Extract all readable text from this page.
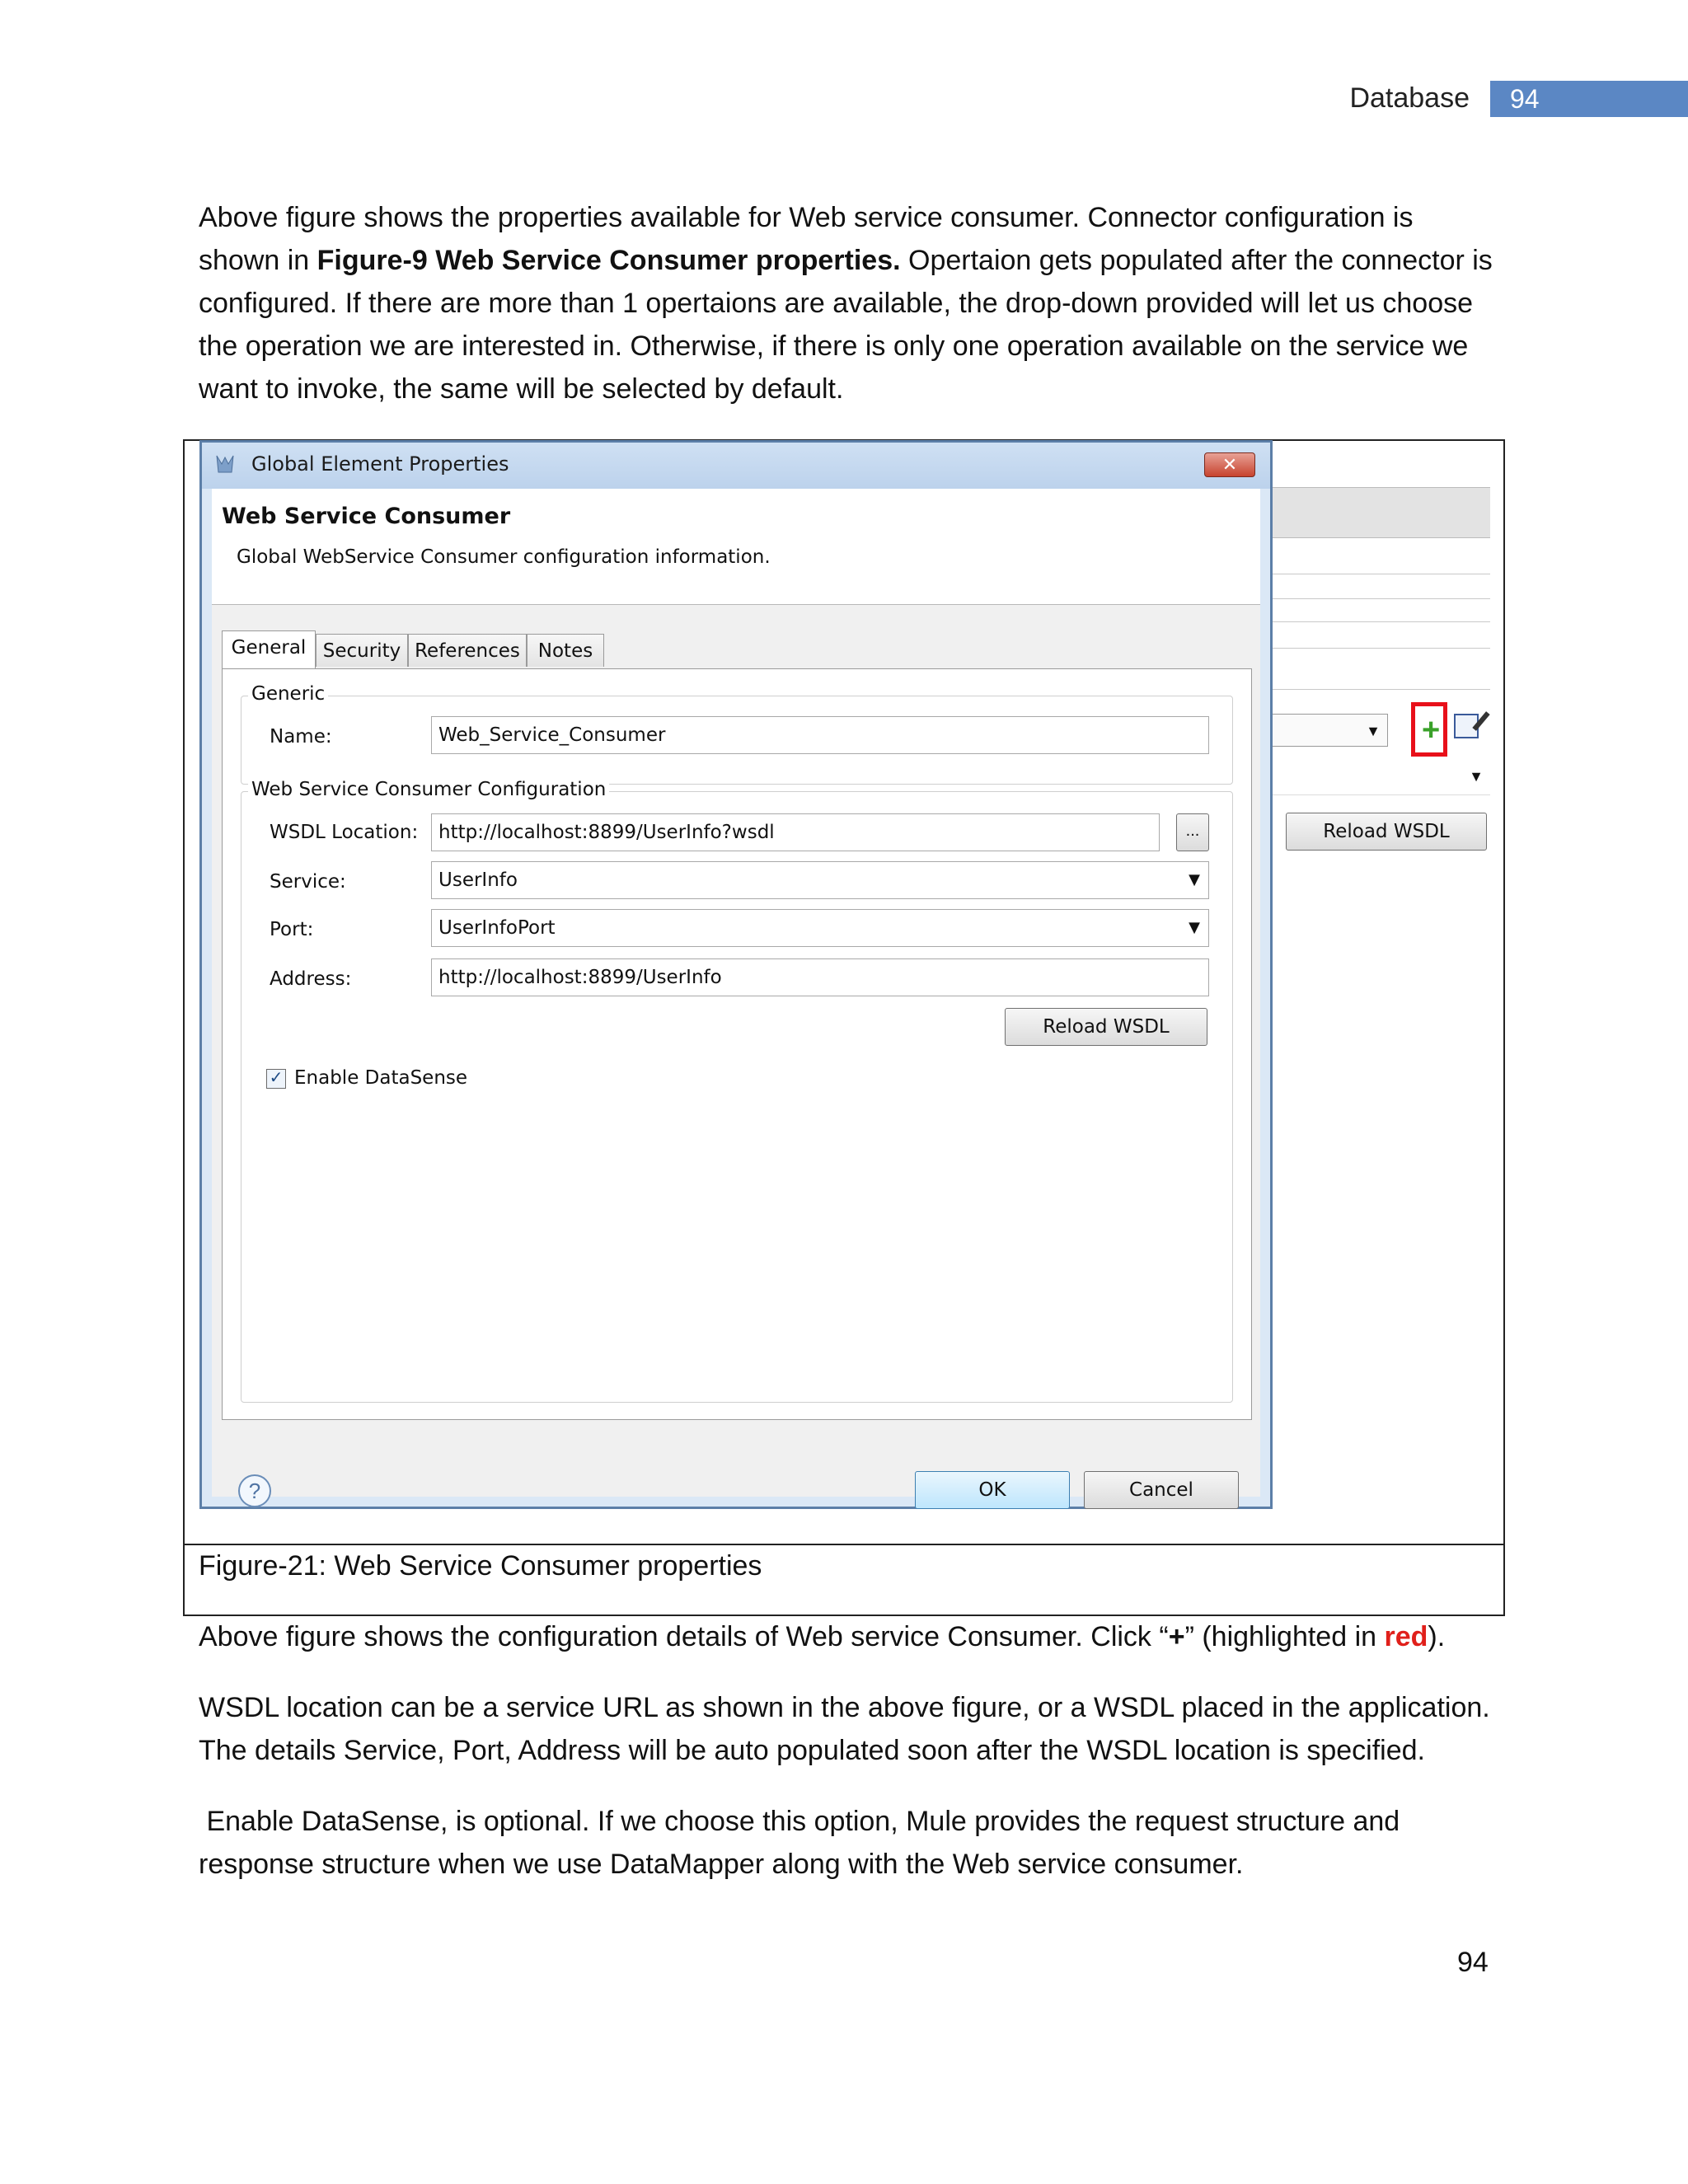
Database	94

Above figure shows the properties available for Web service consumer. Connector configuration is shown in Figure-9 Web Service Consumer properties. Opertaion gets populated after the connector is configured. If there are more than 1 opertaions are available, the drop-down provided will let us choose the operation we are interested in. Otherwise, if there is only one operation available on the service we want to invoke, the same will be selected by default.

▼ +
▼
Reload WSDL
Global Element Properties	✕
Web Service Consumer
Global WebService Consumer configuration information.
General Security References Notes
Generic
Name:	Web_Service_Consumer
Web Service Consumer Configuration
WSDL Location:	http://localhost:8899/UserInfo?wsdl	...
Service:	UserInfo	▼
Port:	UserInfoPort	▼
Address:	http://localhost:8899/UserInfo
Reload WSDL
✓ Enable DataSense
?	OK	Cancel
Figure-21: Web Service Consumer properties

Above figure shows the configuration details of Web service Consumer. Click “+” (highlighted in red).

WSDL location can be a service URL as shown in the above figure, or a WSDL placed in the application. The details Service, Port, Address will be auto populated soon after the WSDL location is specified.

Enable DataSense, is optional. If we choose this option, Mule provides the request structure and response structure when we use DataMapper along with the Web service consumer.

94
